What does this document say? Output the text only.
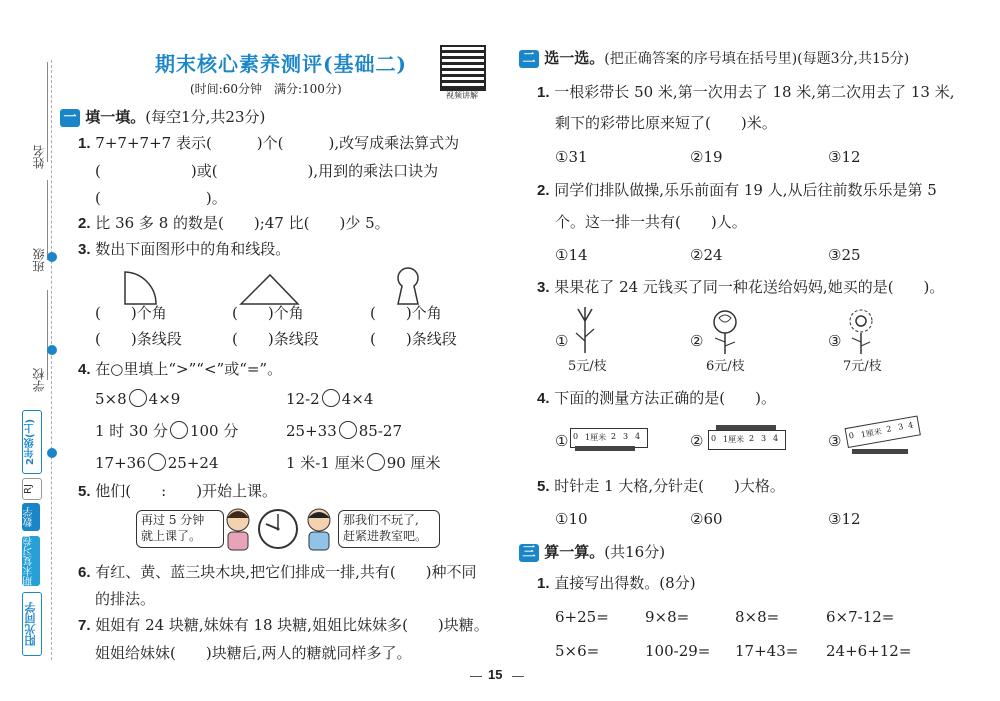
姓名
班级
学校
2年级(上)
RJ
数学
期末复习卷
阳光同学
期末核心素养测评(基础二)
(时间:60分钟　满分:100分)	视频讲解
一 填一填。(每空1分,共23分)
1. 7+7+7+7 表示(　　　)个(　　　),改写成乘法算式为
(　　　　　　)或(　　　　　　),用到的乘法口诀为
(　　　　　　　)。
2. 比 36 多 8 的数是(　　);47 比(　　)少 5。
3. 数出下面图形中的角和线段。
(　　)个角	(　　)个角	(　　)个角
(　　)条线段	(　　)条线段	(　　)条线段
4. 在○里填上“>”“<”或“=”。
5×8 4×9	12-2 4×4
1 时 30 分 100 分	25+33 85-27
17+36 25+24	1 米-1 厘米 90 厘米
5. 他们(　　:　　)开始上课。
再过 5 分钟
就上课了。
那我们不玩了,
赶紧进教室吧。
6. 有红、黄、蓝三块木块,把它们排成一排,共有(　　)种不同
的排法。
7. 姐姐有 24 块糖,妹妹有 18 块糖,姐姐比妹妹多(　　)块糖。
姐姐给妹妹(　　)块糖后,两人的糖就同样多了。
二 选一选。(把正确答案的序号填在括号里)(每题3分,共15分)
1. 一根彩带长 50 米,第一次用去了 18 米,第二次用去了 13 米,
剩下的彩带比原来短了(　　)米。
①31	②19	③12
2. 同学们排队做操,乐乐前面有 19 人,从后往前数乐乐是第 5
个。这一排一共有(　　)人。
①14	②24	③25
3. 果果花了 24 元钱买了同一种花送给妈妈,她买的是(　　)。
①
5元/枝
②
6元/枝
③
7元/枝
4. 下面的测量方法正确的是(　　)。
① 0 1厘米 2 3 4	② 0 1厘米 2 3 4	③ 0 1厘米 2 3 4
5. 时针走 1 大格,分针走(　　)大格。
①10	②60	③12
三 算一算。(共16分)
1. 直接写出得数。(8分)
6+25= 9×8=	8×8=	6×7-12=
5×6=	100-29= 17+43= 24+6+12=
15
